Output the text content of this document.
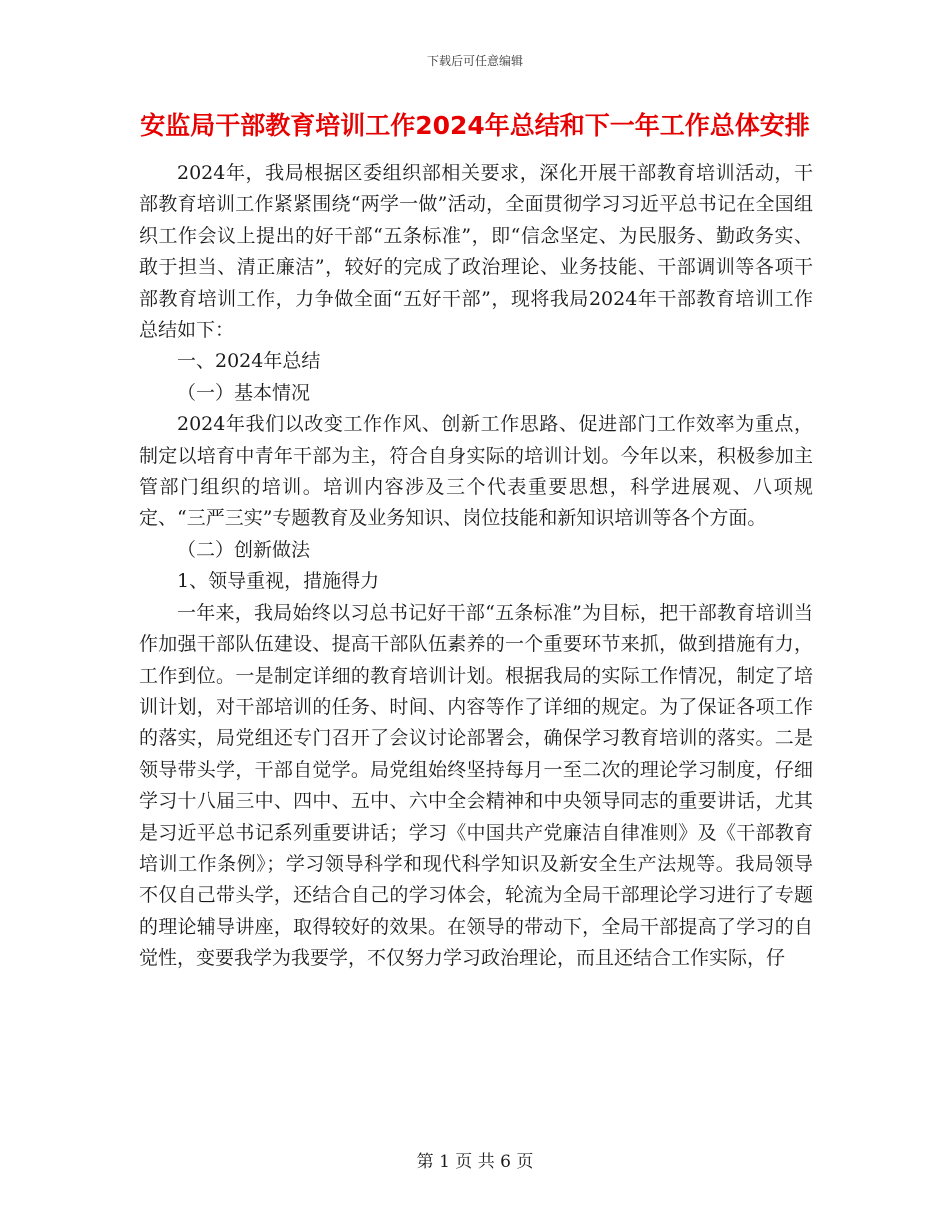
下载后可任意编辑
安监局干部教育培训工作2024年总结和下一年工作总体安排

2024年，我局根据区委组织部相关要求，深化开展干部教育培训活动，干部教育培训工作紧紧围绕“两学一做”活动，全面贯彻学习习近平总书记在全国组织工作会议上提出的好干部“五条标准”，即“信念坚定、为民服务、勤政务实、敢于担当、清正廉洁”，较好的完成了政治理论、业务技能、干部调训等各项干部教育培训工作，力争做全面“五好干部”，现将我局2024年干部教育培训工作总结如下：

一、2024年总结

（一）基本情况

2024年我们以改变工作作风、创新工作思路、促进部门工作效率为重点，制定以培育中青年干部为主，符合自身实际的培训计划。今年以来，积极参加主管部门组织的培训。培训内容涉及三个代表重要思想，科学进展观、八项规定、“三严三实”专题教育及业务知识、岗位技能和新知识培训等各个方面。

（二）创新做法

1、领导重视，措施得力

一年来，我局始终以习总书记好干部“五条标准”为目标，把干部教育培训当作加强干部队伍建设、提高干部队伍素养的一个重要环节来抓，做到措施有力，工作到位。一是制定详细的教育培训计划。根据我局的实际工作情况，制定了培训计划，对干部培训的任务、时间、内容等作了详细的规定。为了保证各项工作的落实，局党组还专门召开了会议讨论部署会，确保学习教育培训的落实。二是领导带头学，干部自觉学。局党组始终坚持每月一至二次的理论学习制度，仔细学习十八届三中、四中、五中、六中全会精神和中央领导同志的重要讲话，尤其是习近平总书记系列重要讲话；学习《中国共产党廉洁自律准则》及《干部教育培训工作条例》；学习领导科学和现代科学知识及新安全生产法规等。我局领导不仅自己带头学，还结合自己的学习体会，轮流为全局干部理论学习进行了专题的理论辅导讲座，取得较好的效果。在领导的带动下，全局干部提高了学习的自觉性，变要我学为我要学，不仅努力学习政治理论，而且还结合工作实际，仔

第 1 页 共 6 页
